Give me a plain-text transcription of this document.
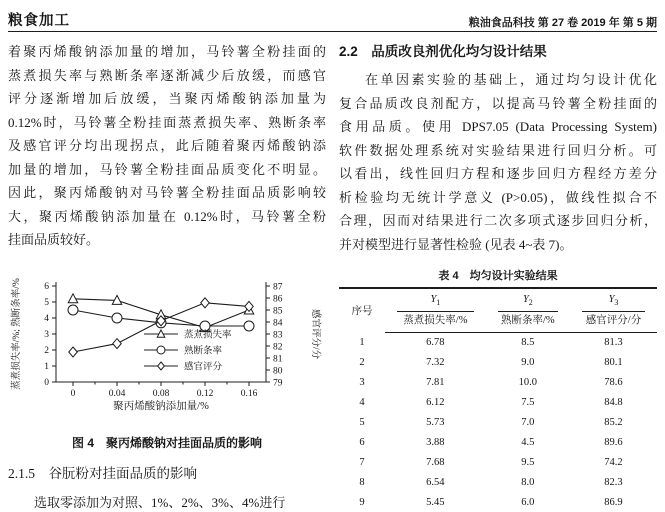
粮食加工	粮油食品科技 第 27 卷 2019 年 第 5 期
着聚丙烯酸钠添加量的增加，马铃薯全粉挂面的
蒸煮损失率与熟断条率逐渐减少后放缓，而感官
评分逐渐增加后放缓，当聚丙烯酸钠添加量为
0.12%时，马铃薯全粉挂面蒸煮损失率、熟断条率
及感官评分均出现拐点，此后随着聚丙烯酸钠添
加量的增加，马铃薯全粉挂面品质变化不明显。
因此，聚丙烯酸钠对马铃薯全粉挂面品质影响较
大，聚丙烯酸钠添加量在 0.12%时，马铃薯全粉
挂面品质较好。
0
1
2
3
4
5
6
79
80
81
82
83
84
85
86
87
0	0.04	0.08	0.12	0.16
聚丙烯酸钠添加量/%
蒸煮损失率/%; 熟断条率/%	感官评分/分
蒸煮损失率
熟断条率
感官评分
图 4　聚丙烯酸钠对挂面品质的影响
2.1.5　谷朊粉对挂面品质的影响
选取零添加为对照、1%、2%、3%、4%进行
2.2　品质改良剂优化均匀设计结果
在单因素实验的基础上，通过均匀设计优化
复合品质改良剂配方，以提高马铃薯全粉挂面的
食用品质。使用 DPS7.05 (Data Processing System)
软件数据处理系统对实验结果进行回归分析。可
以看出，线性回归方程和逐步回归方程经方差分
析检验均无统计学意义 (P>0.05)，做线性拟合不
合理，因而对结果进行二次多项式逐步回归分析，
并对模型进行显著性检验 (见表 4~表 7)。
表 4　均匀设计实验结果
序号	$Y_1$	$Y_2$	$Y_3$

	蒸煮损失率/%	熟断条率/%	感官评分/分
1	6.78	8.5	81.3
2	7.32	9.0	80.1
3	7.81	10.0	78.6
4	6.12	7.5	84.8
5	5.73	7.0	85.2
6	3.88	4.5	89.6
7	7.68	9.5	74.2
8	6.54	8.0	82.3
9	5.45	6.0	86.9
